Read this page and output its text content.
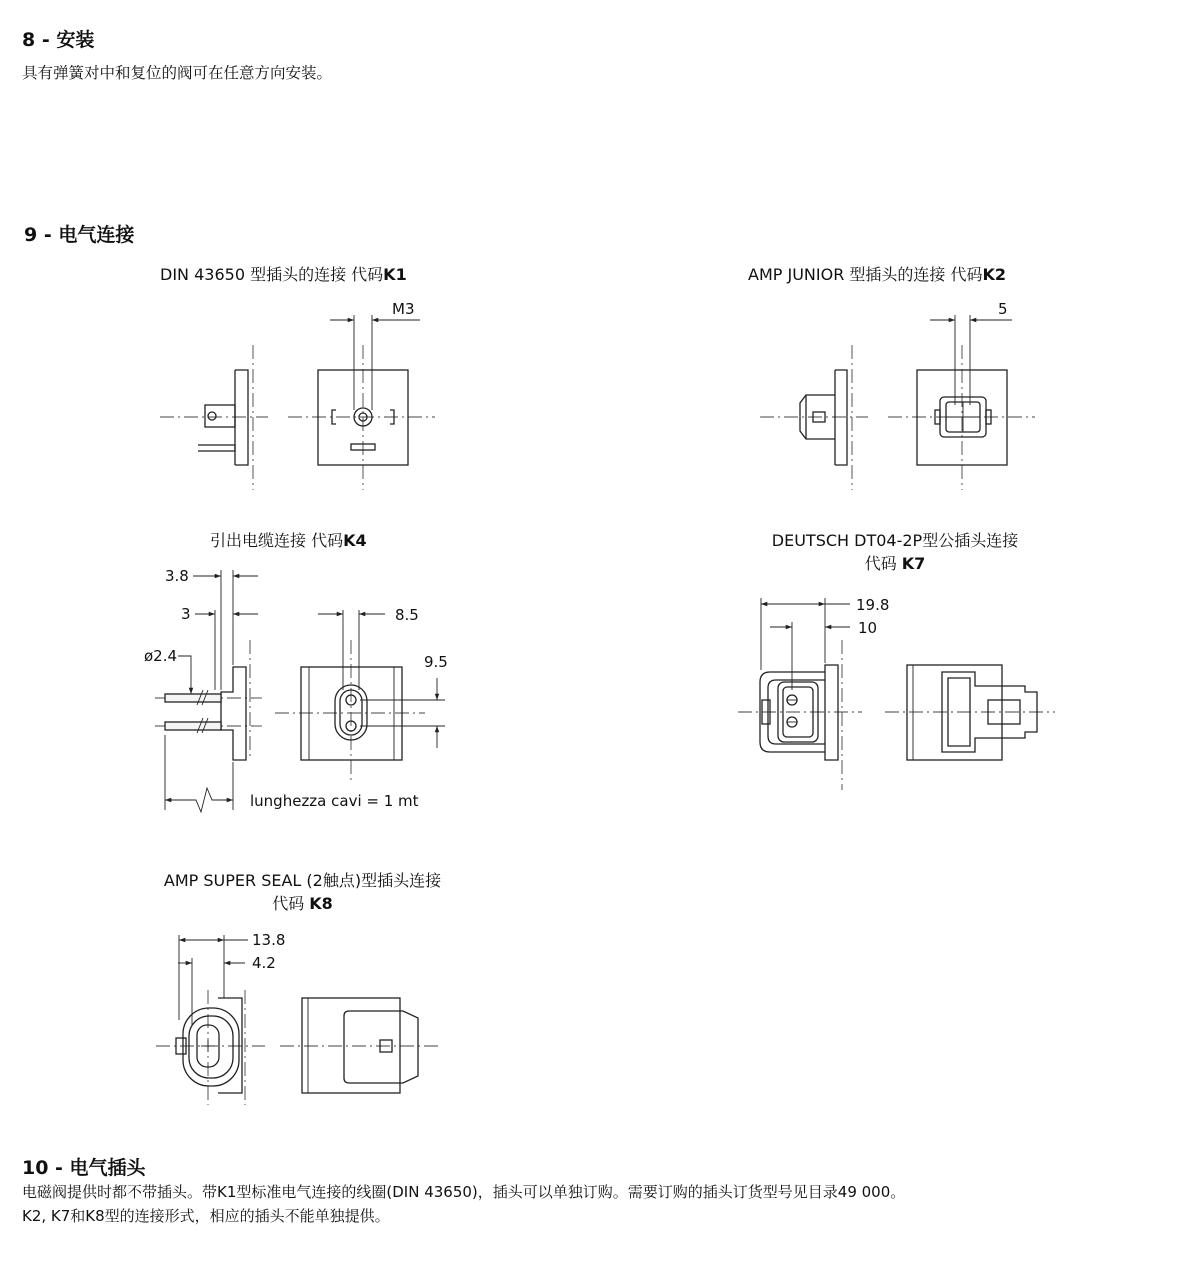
8 - 安装
具有弹簧对中和复位的阀可在任意方向安装。
9 - 电气连接
DIN 43650 型插头的连接 代码K1	AMP JUNIOR 型插头的连接 代码K2
引出电缆连接 代码K4	DEUTSCH DT04-2P型公插头连接
代码 K7
AMP SUPER SEAL (2触点)型插头连接
代码 K8
M3	5
3.8
3
ø2.4
lunghezza cavi = 1 mt
8.5
9.5
19.8
10
13.8
4.2
10 - 电气插头
电磁阀提供时都不带插头。带K1型标准电气连接的线圈(DIN 43650)，插头可以单独订购。需要订购的插头订货型号见目录49 000。
K2, K7和K8型的连接形式，相应的插头不能单独提供。
